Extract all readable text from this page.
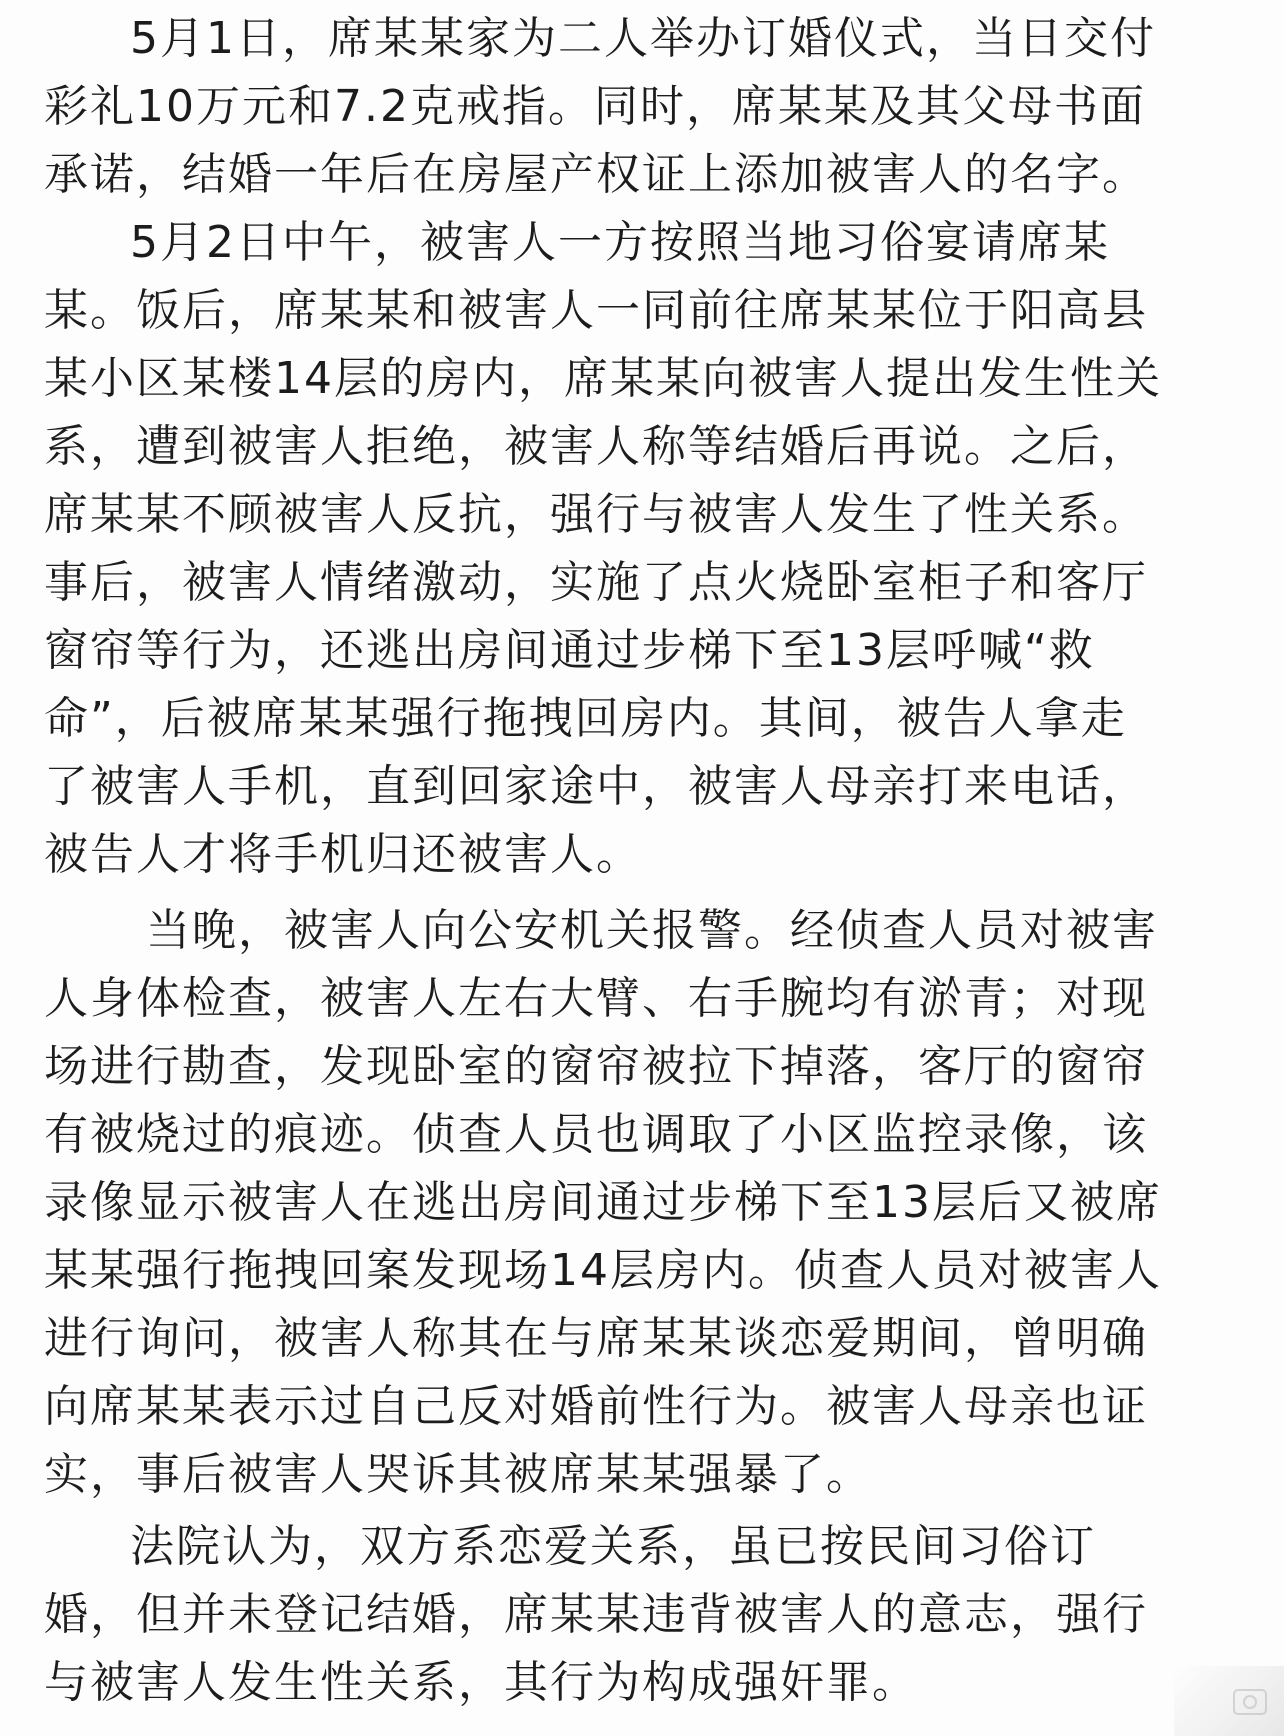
5月1日，席某某家为二人举办订婚仪式，当日交付
彩礼10万元和7.2克戒指。同时，席某某及其父母书面
承诺，结婚一年后在房屋产权证上添加被害人的名字。
5月2日中午，被害人一方按照当地习俗宴请席某
某。饭后，席某某和被害人一同前往席某某位于阳高县
某小区某楼14层的房内，席某某向被害人提出发生性关
系，遭到被害人拒绝，被害人称等结婚后再说。之后，
席某某不顾被害人反抗，强行与被害人发生了性关系。
事后，被害人情绪激动，实施了点火烧卧室柜子和客厅
窗帘等行为，还逃出房间通过步梯下至13层呼喊“救
命”，后被席某某强行拖拽回房内。其间，被告人拿走
了被害人手机，直到回家途中，被害人母亲打来电话，
被告人才将手机归还被害人。
当晚，被害人向公安机关报警。经侦查人员对被害
人身体检查，被害人左右大臂、右手腕均有淤青；对现
场进行勘查，发现卧室的窗帘被拉下掉落，客厅的窗帘
有被烧过的痕迹。侦查人员也调取了小区监控录像，该
录像显示被害人在逃出房间通过步梯下至13层后又被席
某某强行拖拽回案发现场14层房内。侦查人员对被害人
进行询问，被害人称其在与席某某谈恋爱期间，曾明确
向席某某表示过自己反对婚前性行为。被害人母亲也证
实，事后被害人哭诉其被席某某强暴了。
法院认为，双方系恋爱关系，虽已按民间习俗订
婚，但并未登记结婚，席某某违背被害人的意志，强行
与被害人发生性关系，其行为构成强奸罪。
